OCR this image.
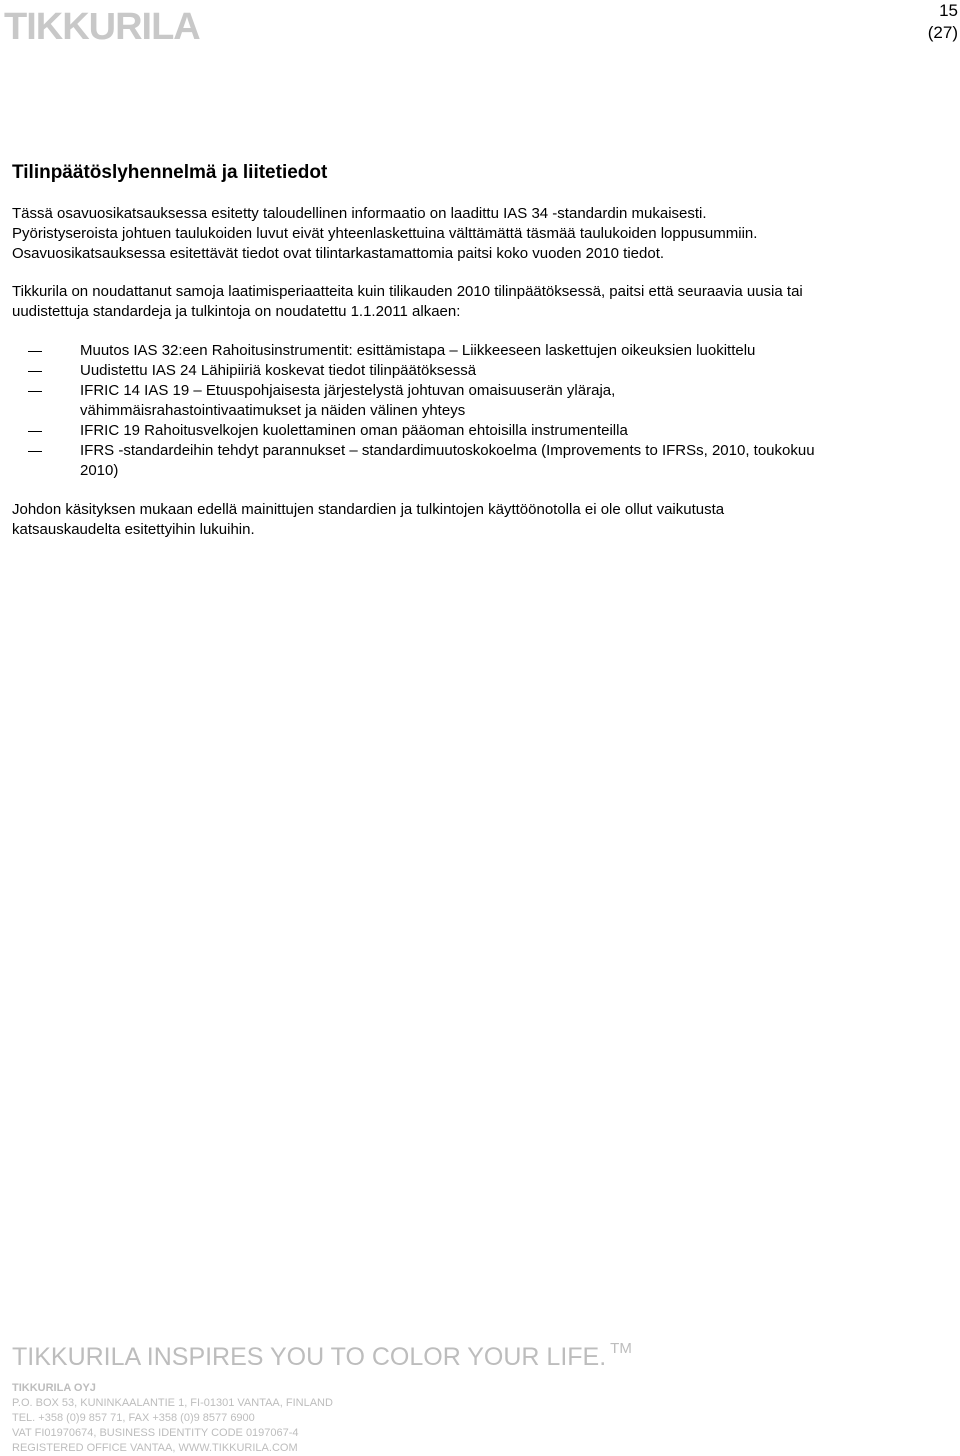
TIKKURILA	15
(27)
Tilinpäätöslyhennelmä ja liitetiedot
Tässä osavuosikatsauksessa esitetty taloudellinen informaatio on laadittu IAS 34 -standardin mukaisesti.
Pyöristyseroista johtuen taulukoiden luvut eivät yhteenlaskettuina välttämättä täsmää taulukoiden loppusummiin.
Osavuosikatsauksessa esitettävät tiedot ovat tilintarkastamattomia paitsi koko vuoden 2010 tiedot.
Tikkurila on noudattanut samoja laatimisperiaatteita kuin tilikauden 2010 tilinpäätöksessä, paitsi että seuraavia uusia tai
uudistettuja standardeja ja tulkintoja on noudatettu 1.1.2011 alkaen:
Muutos IAS 32:een Rahoitusinstrumentit: esittämistapa – Liikkeeseen laskettujen oikeuksien luokittelu
Uudistettu IAS 24 Lähipiiriä koskevat tiedot tilinpäätöksessä
IFRIC 14 IAS 19 – Etuuspohjaisesta järjestelystä johtuvan omaisuuserän yläraja,
vähimmäisrahastointivaatimukset ja näiden välinen yhteys
IFRIC 19 Rahoitusvelkojen kuolettaminen oman pääoman ehtoisilla instrumenteilla
IFRS -standardeihin tehdyt parannukset – standardimuutoskokoelma (Improvements to IFRSs, 2010, toukokuu
2010)
Johdon käsityksen mukaan edellä mainittujen standardien ja tulkintojen käyttöönotolla ei ole ollut vaikutusta
katsauskaudelta esitettyihin lukuihin.
TIKKURILA INSPIRES YOU TO COLOR YOUR LIFE. ™
TIKKURILA OYJ
P.O. BOX 53, KUNINKAALANTIE 1, FI-01301 VANTAA, FINLAND
TEL. +358 (0)9 857 71, FAX +358 (0)9 8577 6900
VAT FI01970674, BUSINESS IDENTITY CODE 0197067-4
REGISTERED OFFICE VANTAA, WWW.TIKKURILA.COM
